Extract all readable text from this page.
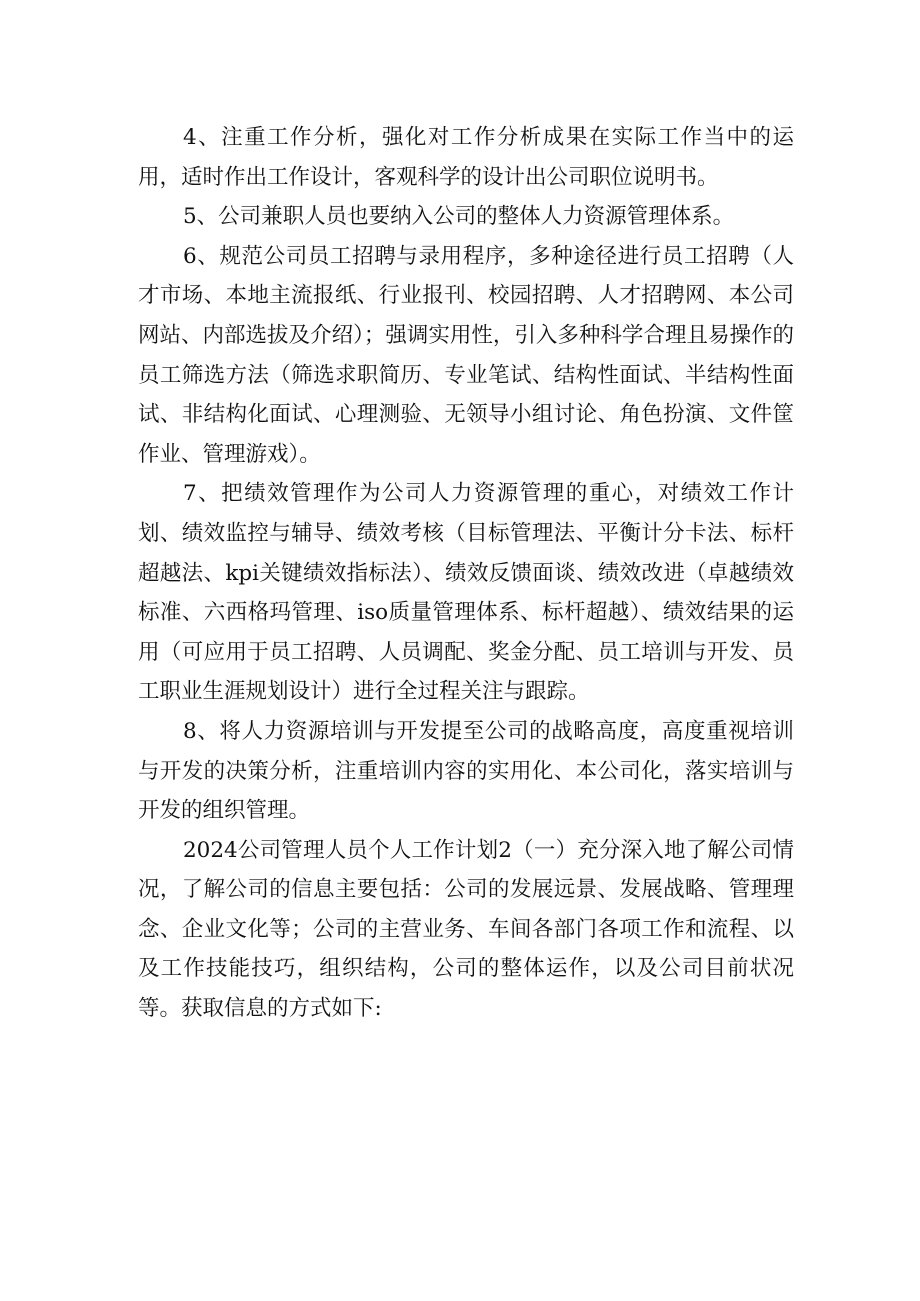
4、注重工作分析，强化对工作分析成果在实际工作当中的运用，适时作出工作设计，客观科学的设计出公司职位说明书。

5、公司兼职人员也要纳入公司的整体人力资源管理体系。

6、规范公司员工招聘与录用程序，多种途径进行员工招聘（人才市场、本地主流报纸、行业报刊、校园招聘、人才招聘网、本公司网站、内部选拔及介绍）；强调实用性，引入多种科学合理且易操作的员工筛选方法（筛选求职简历、专业笔试、结构性面试、半结构性面试、非结构化面试、心理测验、无领导小组讨论、角色扮演、文件筐作业、管理游戏）。

7、把绩效管理作为公司人力资源管理的重心，对绩效工作计划、绩效监控与辅导、绩效考核（目标管理法、平衡计分卡法、标杆超越法、kpi关键绩效指标法）、绩效反馈面谈、绩效改进（卓越绩效标准、六西格玛管理、iso质量管理体系、标杆超越）、绩效结果的运用（可应用于员工招聘、人员调配、奖金分配、员工培训与开发、员工职业生涯规划设计）进行全过程关注与跟踪。

8、将人力资源培训与开发提至公司的战略高度，高度重视培训与开发的决策分析，注重培训内容的实用化、本公司化，落实培训与开发的组织管理。

2024公司管理人员个人工作计划2（一）充分深入地了解公司情况，了解公司的信息主要包括：公司的发展远景、发展战略、管理理念、企业文化等；公司的主营业务、车间各部门各项工作和流程、以及工作技能技巧，组织结构，公司的整体运作，以及公司目前状况等。获取信息的方式如下:
